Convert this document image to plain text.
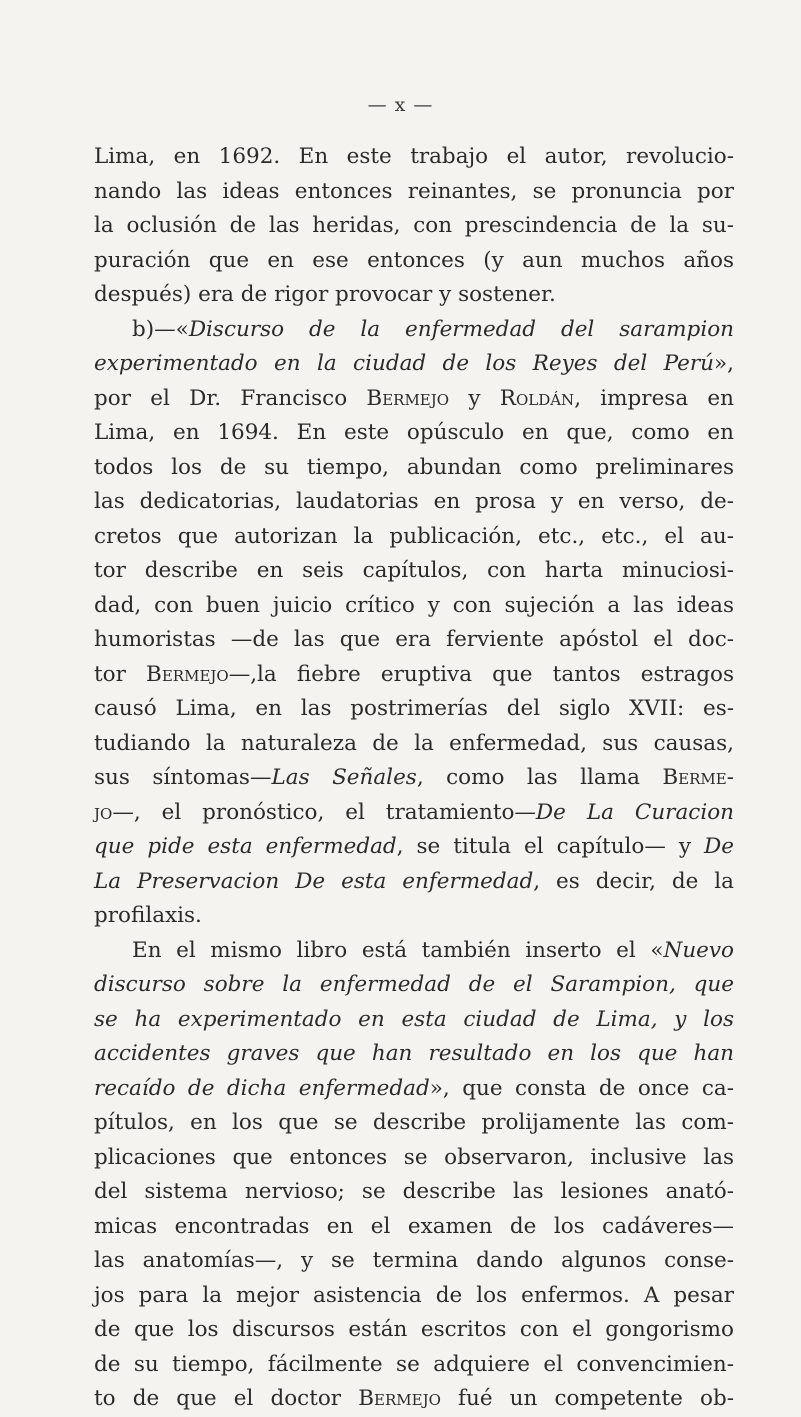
— x —
Lima, en 1692. En este trabajo el autor, revolucio-
nando las ideas entonces reinantes, se pronuncia por
la oclusión de las heridas, con prescindencia de la su-
puración que en ese entonces (y aun muchos años
después) era de rigor provocar y sostener.
b)—«Discurso de la enfermedad del sarampion
experimentado en la ciudad de los Reyes del Perú»,
por el Dr. Francisco Bermejo y Roldán, impresa en
Lima, en 1694. En este opúsculo en que, como en
todos los de su tiempo, abundan como preliminares
las dedicatorias, laudatorias en prosa y en verso, de-
cretos que autorizan la publicación, etc., etc., el au-
tor describe en seis capítulos, con harta minuciosi-
dad, con buen juicio crítico y con sujeción a las ideas
humoristas —de las que era ferviente apóstol el doc-
tor Bermejo—,la fiebre eruptiva que tantos estragos
causó Lima, en las postrimerías del siglo XVII: es-
tudiando la naturaleza de la enfermedad, sus causas,
sus síntomas—Las Señales, como las llama Berme-
jo—, el pronóstico, el tratamiento—De La Curacion
que pide esta enfermedad, se titula el capítulo— y De
La Preservacion De esta enfermedad, es decir, de la
profilaxis.
En el mismo libro está también inserto el «Nuevo
discurso sobre la enfermedad de el Sarampion, que
se ha experimentado en esta ciudad de Lima, y los
accidentes graves que han resultado en los que han
recaído de dicha enfermedad», que consta de once ca-
pítulos, en los que se describe prolijamente las com-
plicaciones que entonces se observaron, inclusive las
del sistema nervioso; se describe las lesiones anató-
micas encontradas en el examen de los cadáveres—
las anatomías—, y se termina dando algunos conse-
jos para la mejor asistencia de los enfermos. A pesar
de que los discursos están escritos con el gongorismo
de su tiempo, fácilmente se adquiere el convencimien-
to de que el doctor Bermejo fué un competente ob-
